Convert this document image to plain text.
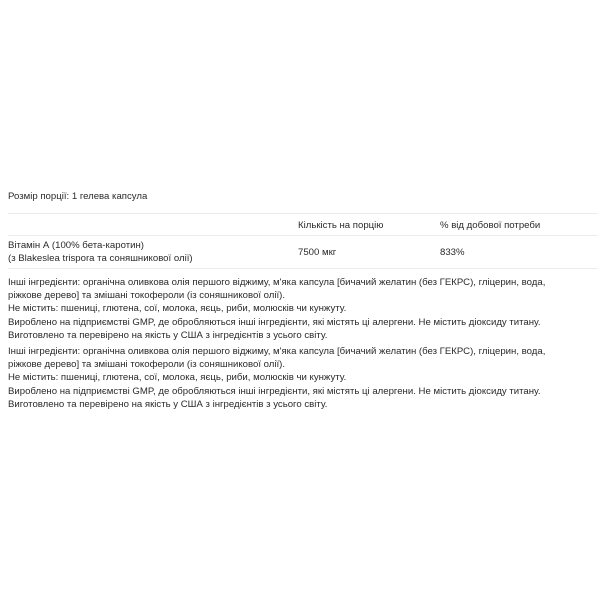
Розмір порції: 1 гелева капсула
Кількість на порцію	% від добової потреби
Вітамін А (100% бета-каротин)
(з Blakeslea trispora та соняшникової олії)
7500 мкг	833%
Інші інгредієнти: органічна оливкова олія першого віджиму, м'яка капсула [бичачий желатин (без ГЕКРС), гліцерин, вода,
ріжкове дерево] та змішані токофероли (із соняшникової олії).
Не містить: пшениці, глютена, сої, молока, яєць, риби, молюсків чи кунжуту.
Вироблено на підприємстві GMP, де обробляються інші інгредієнти, які містять ці алергени. Не містить діоксиду титану.
Виготовлено та перевірено на якість у США з інгредієнтів з усього світу.
Інші інгредієнти: органічна оливкова олія першого віджиму, м'яка капсула [бичачий желатин (без ГЕКРС), гліцерин, вода,
ріжкове дерево] та змішані токофероли (із соняшникової олії).
Не містить: пшениці, глютена, сої, молока, яєць, риби, молюсків чи кунжуту.
Вироблено на підприємстві GMP, де обробляються інші інгредієнти, які містять ці алергени. Не містить діоксиду титану.
Виготовлено та перевірено на якість у США з інгредієнтів з усього світу.
